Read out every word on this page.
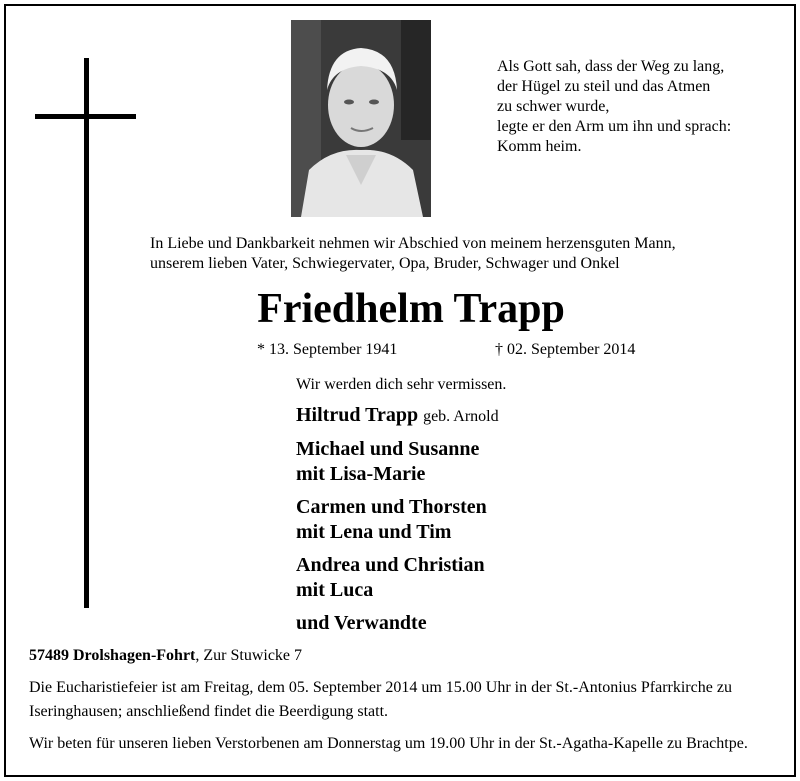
Als Gott sah, dass der Weg zu lang,
der Hügel zu steil und das Atmen
zu schwer wurde,
legte er den Arm um ihn und sprach:
Komm heim.
In Liebe und Dankbarkeit nehmen wir Abschied von meinem herzensguten Mann,
unserem lieben Vater, Schwiegervater, Opa, Bruder, Schwager und Onkel
Friedhelm Trapp
* 13. September 1941	† 02. September 2014
Wir werden dich sehr vermissen.
Hiltrud Trapp geb. Arnold
Michael und Susanne
mit Lisa-Marie
Carmen und Thorsten
mit Lena und Tim
Andrea und Christian
mit Luca
und Verwandte
57489 Drolshagen-Fohrt, Zur Stuwicke 7
Die Eucharistiefeier ist am Freitag, dem 05. September 2014 um 15.00 Uhr in der St.-Antonius Pfarrkirche zu Iseringhausen; anschließend findet die Beerdigung statt.
Wir beten für unseren lieben Verstorbenen am Donnerstag um 19.00 Uhr in der St.-Agatha-Kapelle zu Brachtpe.
